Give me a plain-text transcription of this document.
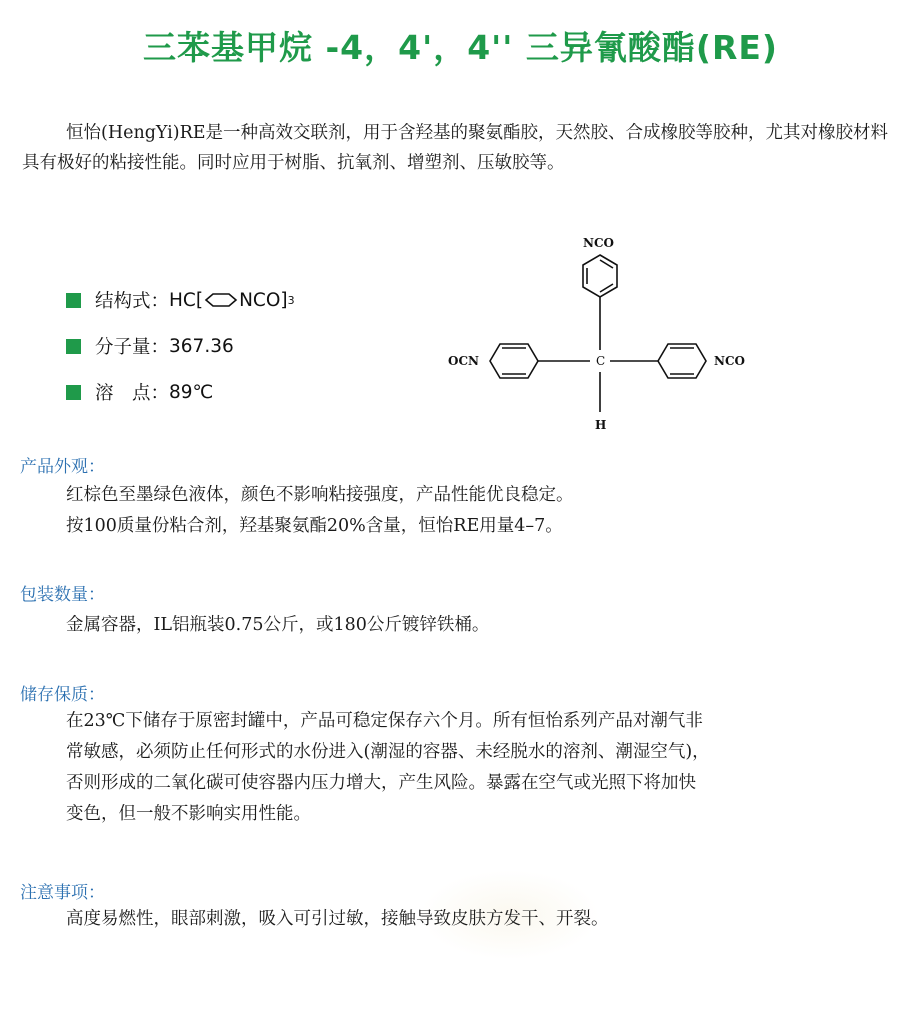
三苯基甲烷 -4，4'，4'' 三异氰酸酯(RE)
恒怡(HengYi)RE是一种高效交联剂，用于含羟基的聚氨酯胶，天然胶、合成橡胶等胶种，尤其对橡胶材料具有极好的粘接性能。同时应用于树脂、抗氧剂、增塑剂、压敏胶等。
结构式： HC[ NCO] 3
分子量： 367.36
溶　点： 89℃
NCO
OCN	NCO
H
C
产品外观：
红棕色至墨绿色液体，颜色不影响粘接强度，产品性能优良稳定。
按100质量份粘合剂，羟基聚氨酯20%含量，恒怡RE用量4–7。
包装数量：
金属容器，IL铝瓶装0.75公斤，或180公斤镀锌铁桶。
储存保质：
在23℃下储存于原密封罐中，产品可稳定保存六个月。所有恒怡系列产品对潮气非
常敏感，必须防止任何形式的水份进入(潮湿的容器、未经脱水的溶剂、潮湿空气)，
否则形成的二氧化碳可使容器内压力增大，产生风险。暴露在空气或光照下将加快
变色，但一般不影响实用性能。
注意事项：
高度易燃性，眼部刺激，吸入可引过敏，接触导致皮肤方发干、开裂。
